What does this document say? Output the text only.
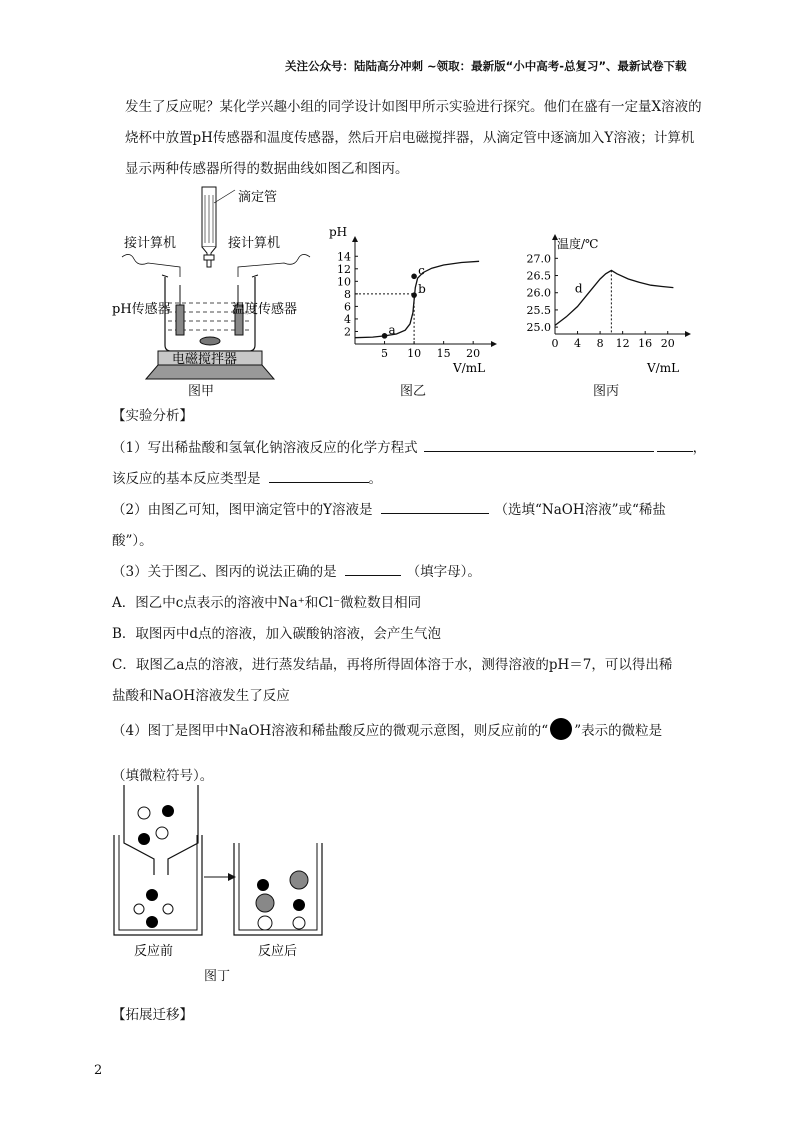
关注公众号：陆陆高分冲刺 ~领取：最新版“小中高考-总复习”、最新试卷下载
发生了反应呢？某化学兴趣小组的同学设计如图甲所示实验进行探究。他们在盛有一定量X溶液的烧杯中放置pH传感器和温度传感器，然后开启电磁搅拌器，从滴定管中逐滴加入Y溶液；计算机显示两种传感器所得的数据曲线如图乙和图丙。
滴定管
接计算机	接计算机
pH传感器	温度传感器
电磁搅拌器
图甲
pH
V/mL
5 10 15 20
2
4
6
8
10
12
14
a
b
c
图乙
温度/℃
V/mL
0 4 8 12 16 20
25.0
25.5
26.0
26.5
27.0
d
图丙
【实验分析】
（1）写出稀盐酸和氢氧化钠溶液反应的化学方程式	，
该反应的基本反应类型是	。
（2）由图乙可知，图甲滴定管中的Y溶液是	（选填“NaOH溶液”或“稀盐
酸”）。
（3）关于图乙、图丙的说法正确的是	（填字母）。
A．图乙中c点表示的溶液中Na⁺和Cl⁻微粒数目相同
B．取图丙中d点的溶液，加入碳酸钠溶液，会产生气泡
C．取图乙a点的溶液，进行蒸发结晶，再将所得固体溶于水，测得溶液的pH＝7，可以得出稀
盐酸和NaOH溶液发生了反应
（4）图丁是图甲中NaOH溶液和稀盐酸反应的微观示意图，则反应前的“ ”表示的微粒是
（填微粒符号）。
反应前	反应后
图丁
【拓展迁移】
2
